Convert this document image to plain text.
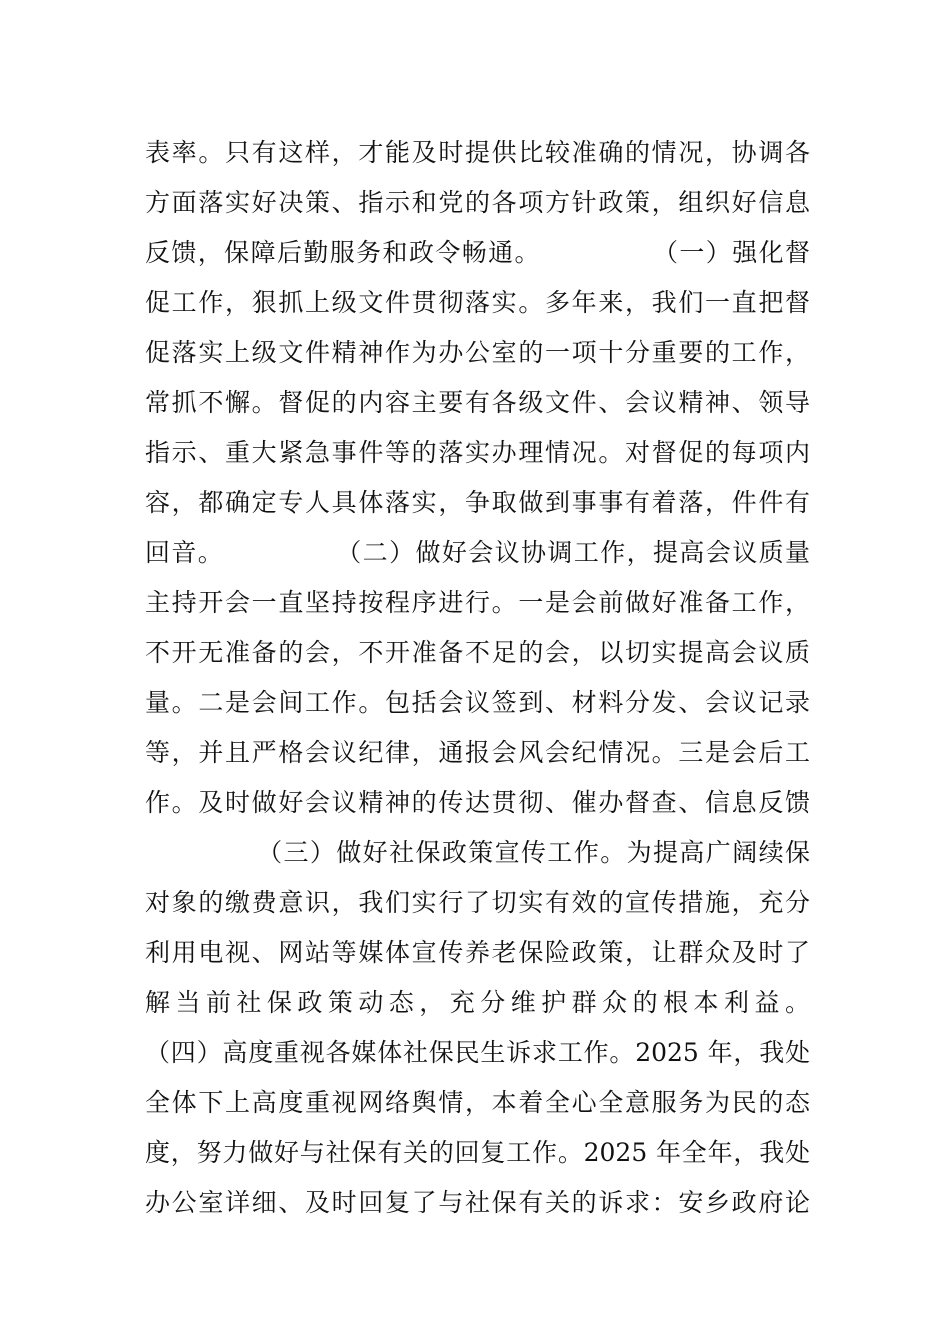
表率。只有这样，才能及时提供比较准确的情况，协调各
方面落实好决策、指示和党的各项方针政策，组织好信息
反馈，保障后勤服务和政令畅通。            （一）强化督
促工作，狠抓上级文件贯彻落实。多年来，我们一直把督
促落实上级文件精神作为办公室的一项十分重要的工作，
常抓不懈。督促的内容主要有各级文件、会议精神、领导
指示、重大紧急事件等的落实办理情况。对督促的每项内
容，都确定专人具体落实，争取做到事事有着落，件件有
回音。            （二）做好会议协调工作，提高会议质量
主持开会一直坚持按程序进行。一是会前做好准备工作，
不开无准备的会，不开准备不足的会，以切实提高会议质
量。二是会间工作。包括会议签到、材料分发、会议记录
等，并且严格会议纪律，通报会风会纪情况。三是会后工
作。及时做好会议精神的传达贯彻、催办督查、信息反馈
（三）做好社保政策宣传工作。为提高广阔续保
对象的缴费意识，我们实行了切实有效的宣传措施，充分
利用电视、网站等媒体宣传养老保险政策，让群众及时了
解当前社保政策动态，充分维护群众的根本利益。
（四）高度重视各媒体社保民生诉求工作。2025 年，我处
全体下上高度重视网络舆情，本着全心全意服务为民的态
度，努力做好与社保有关的回复工作。2025 年全年，我处
办公室详细、及时回复了与社保有关的诉求：安乡政府论
